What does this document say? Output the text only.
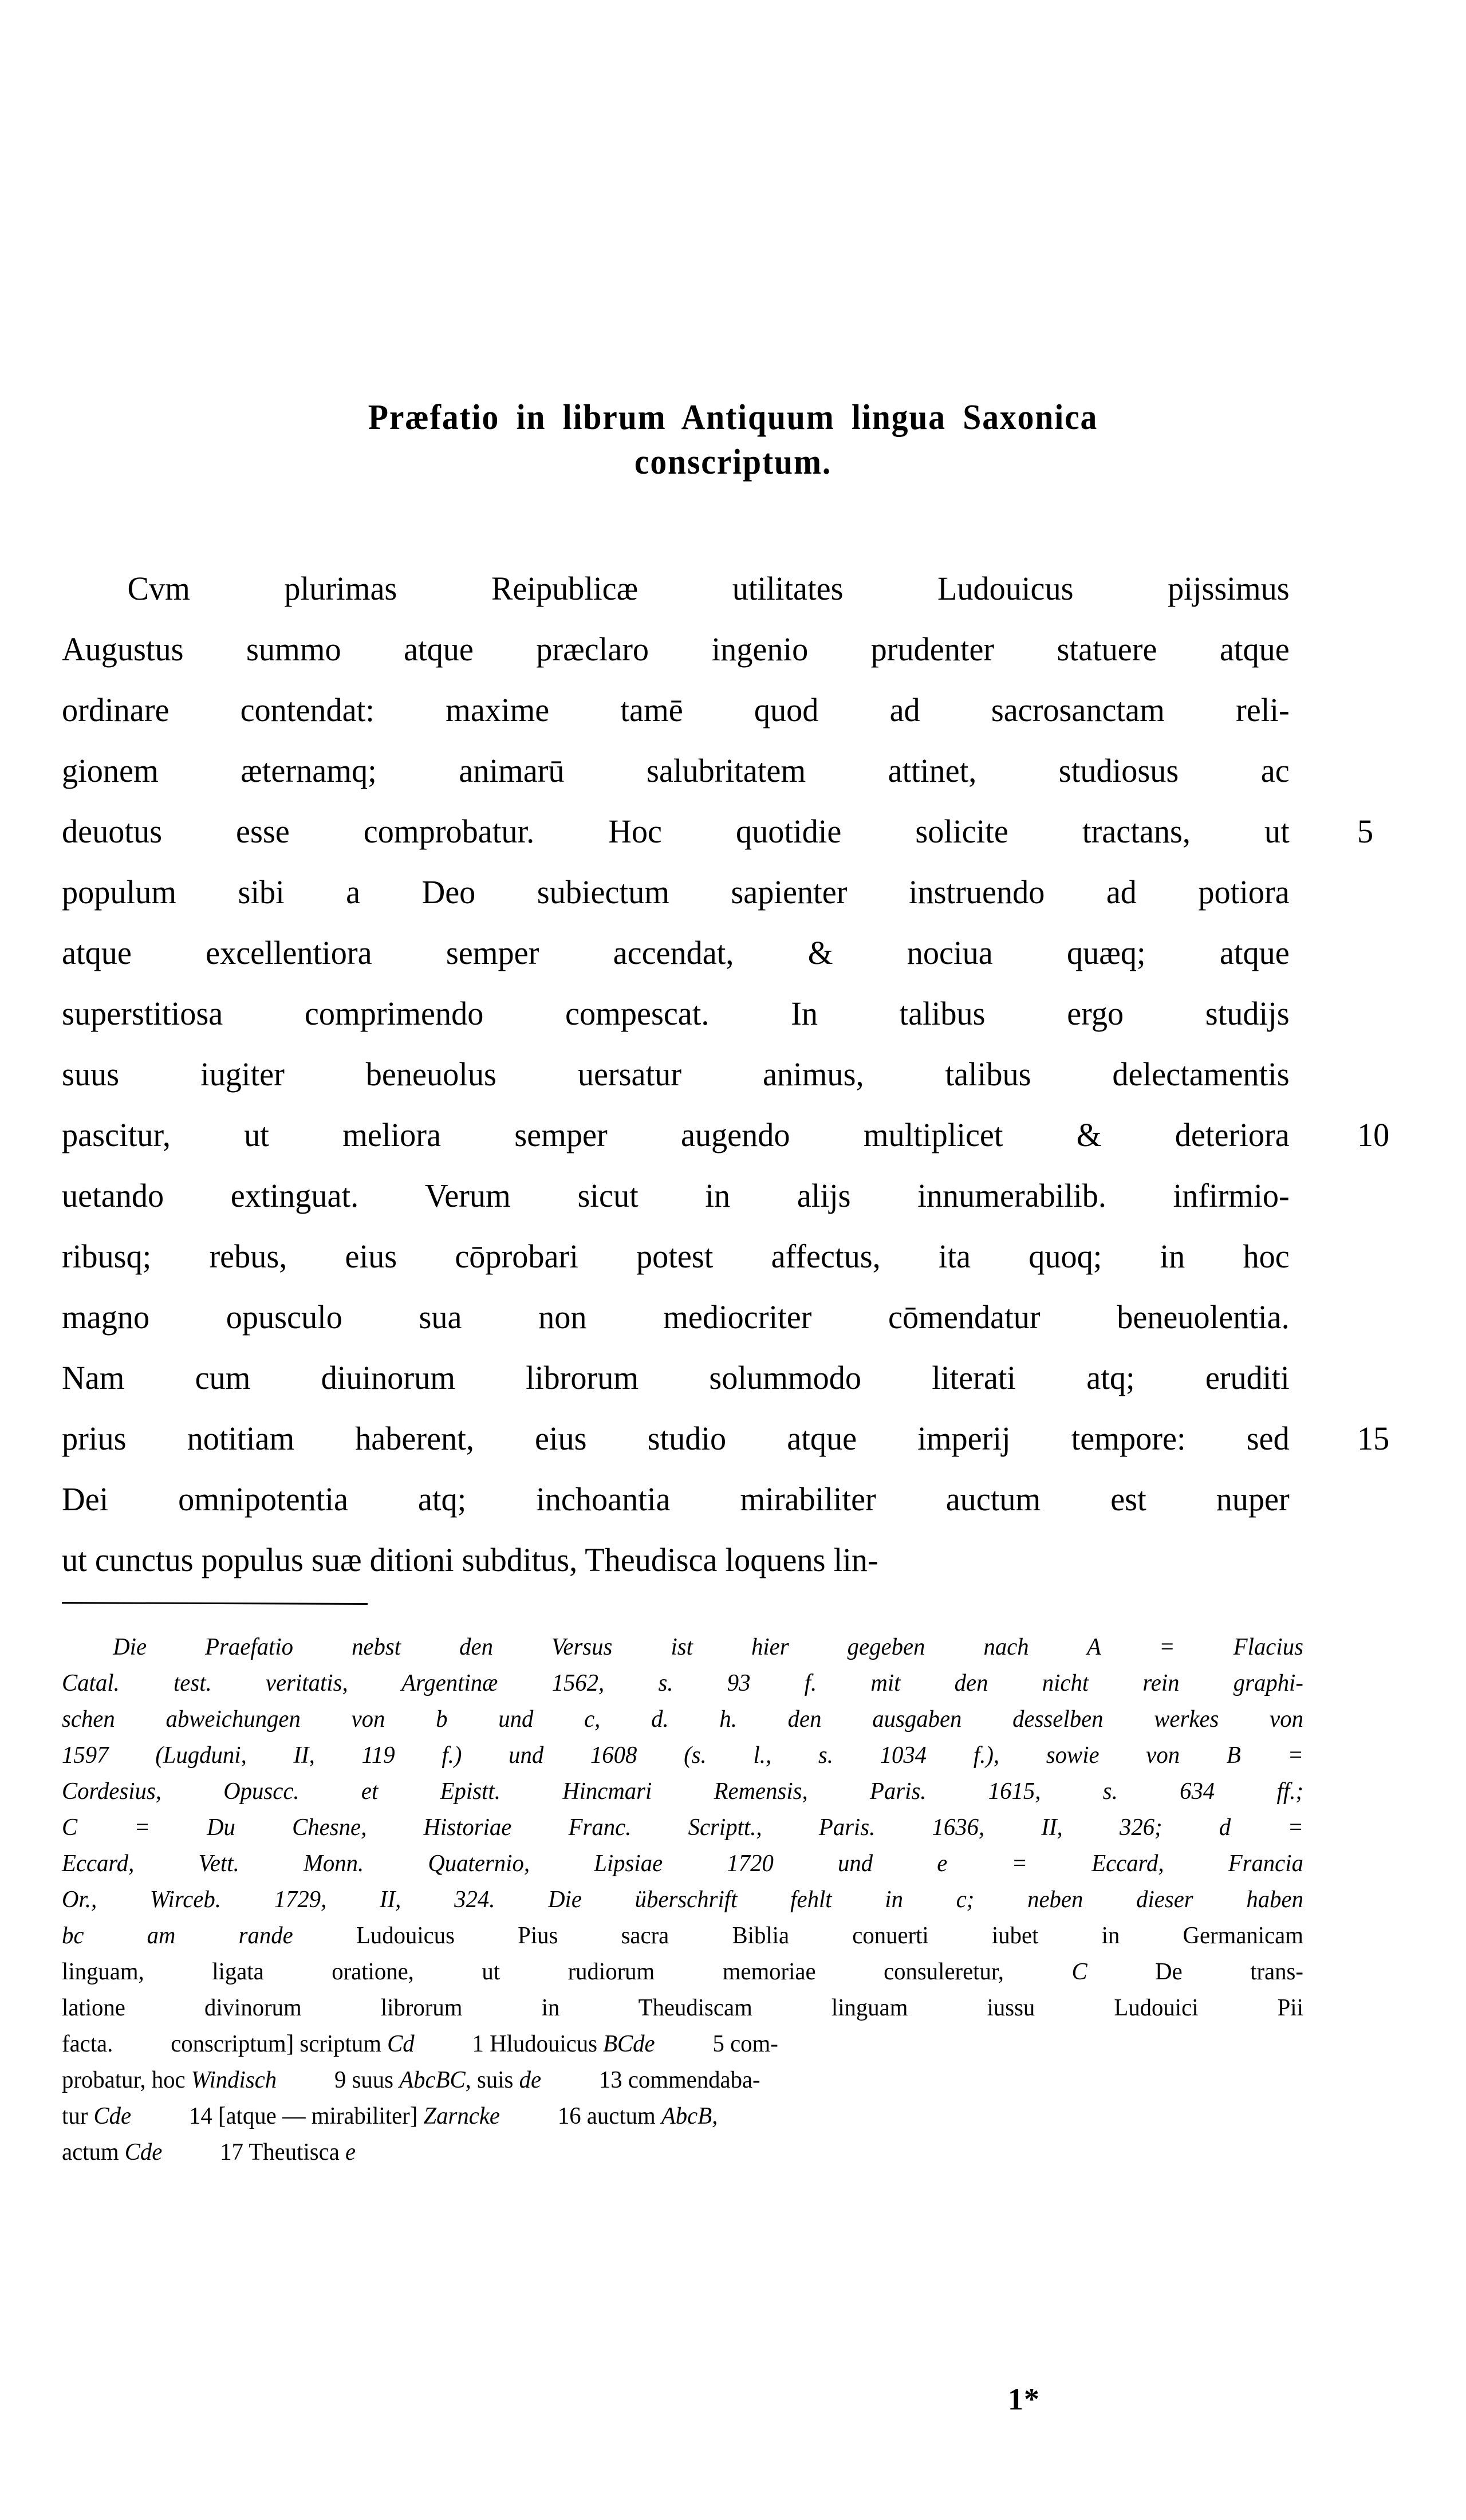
Præfatio in librum Antiquum lingua Saxonica
conscriptum.
Cvm plurimas Reipublicæ utilitates Ludouicus pijssimus
Augustus summo atque præclaro ingenio prudenter statuere atque
ordinare contendat: maxime tamē quod ad sacrosanctam reli-
gionem æternamq; animarū salubritatem attinet, studiosus ac
deuotus esse comprobatur. Hoc quotidie solicite tractans, ut 5
populum sibi a Deo subiectum sapienter instruendo ad potiora
atque excellentiora semper accendat, & nociua quæq; atque
superstitiosa comprimendo compescat. In talibus ergo studijs
suus iugiter beneuolus uersatur animus, talibus delectamentis
pascitur, ut meliora semper augendo multiplicet & deteriora 10
uetando extinguat. Verum sicut in alijs innumerabilib. infirmio-
ribusq; rebus, eius cōprobari potest affectus, ita quoq; in hoc
magno opusculo sua non mediocriter cōmendatur beneuolentia.
Nam cum diuinorum librorum solummodo literati atq; eruditi
prius notitiam haberent, eius studio atque imperij tempore: sed 15
Dei omnipotentia atq; inchoantia mirabiliter auctum est nuper
ut cunctus populus suæ ditioni subditus, Theudisca loquens lin-
Die Praefatio nebst den Versus ist hier gegeben nach A = Flacius
Catal. test. veritatis, Argentinæ 1562, s. 93 f. mit den nicht rein graphi-
schen abweichungen von b und c, d. h. den ausgaben desselben werkes von
1597 (Lugduni, II, 119 f.) und 1608 (s. l., s. 1034 f.), sowie von B =
Cordesius, Opuscc. et Epistt. Hincmari Remensis, Paris. 1615, s. 634 ff.;
C = Du Chesne, Historiae Franc. Scriptt., Paris. 1636, II, 326; d =
Eccard, Vett. Monn. Quaternio, Lipsiae 1720 und e = Eccard, Francia
Or., Wirceb. 1729, II, 324. Die überschrift fehlt in c; neben dieser haben
bc am rande Ludouicus Pius sacra Biblia conuerti iubet in Germanicam
linguam, ligata oratione, ut rudiorum memoriae consuleretur, C De trans-
latione divinorum librorum in Theudiscam linguam iussu Ludouici Pii
facta. conscriptum] scriptum Cd 1 Hludouicus BCde 5 com-
probatur, hoc Windisch 9 suus AbcBC, suis de 13 commendaba-
tur Cde 14 [atque — mirabiliter] Zarncke 16 auctum AbcB,
actum Cde 17 Theutisca e
1*
